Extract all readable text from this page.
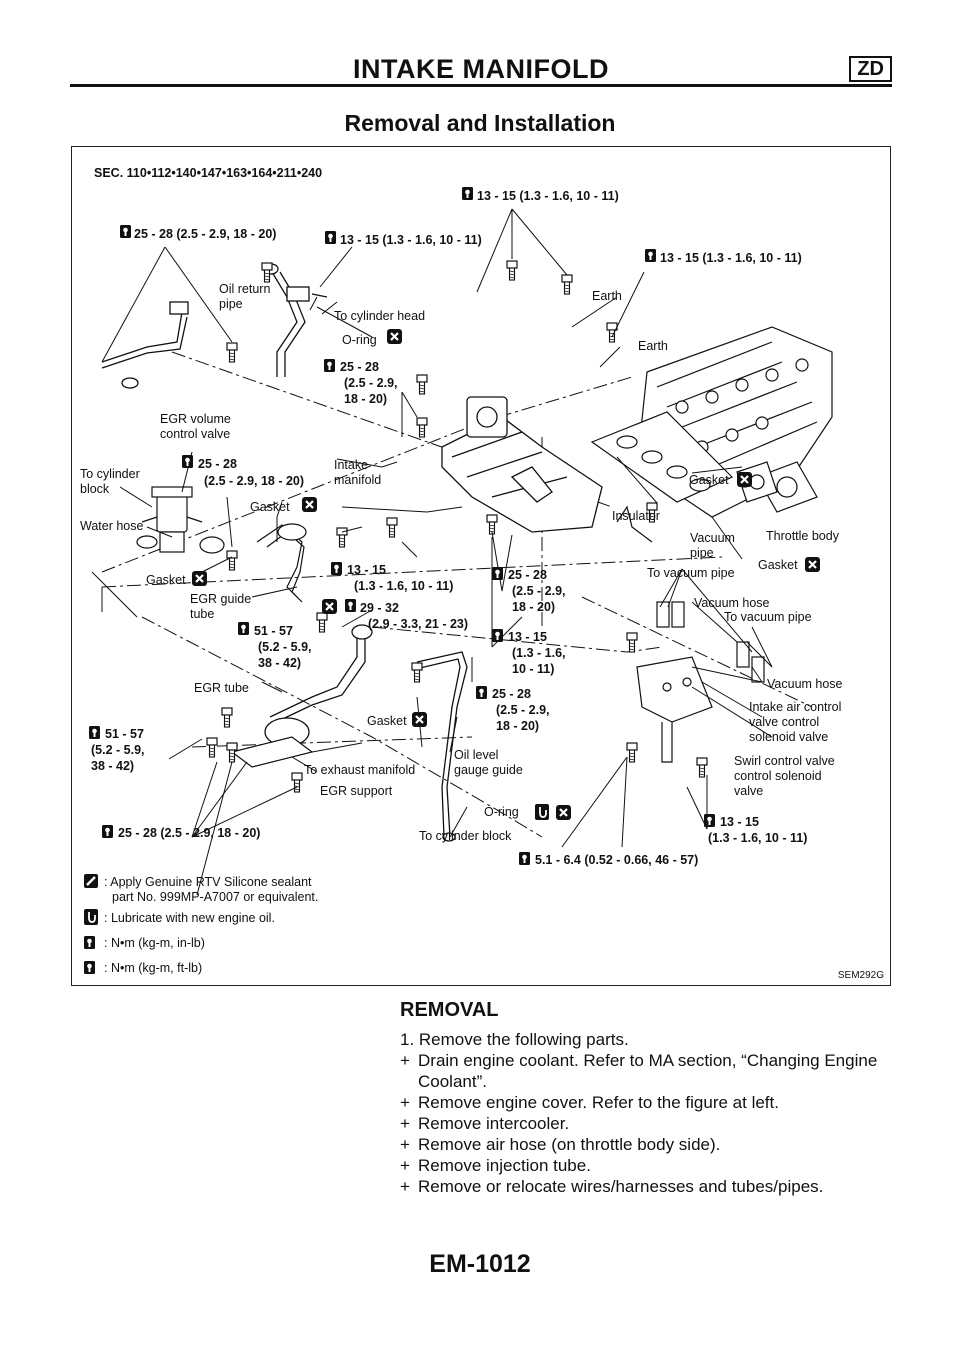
INTAKE MANIFOLD	ZD
Removal and Installation
SEC. 110•112•140•147•163•164•211•240
13 - 15 (1.3 - 1.6, 10 - 11)
25 - 28 (2.5 - 2.9, 18 - 20)	13 - 15 (1.3 - 1.6, 10 - 11)
13 - 15 (1.3 - 1.6, 10 - 11)
25 - 28
(2.5 - 2.9,
18 - 20)
25 - 28
(2.5 - 2.9, 18 - 20)
13 - 15
(1.3 - 1.6, 10 - 11)
25 - 28
(2.5 - 2.9,
18 - 20)
29 - 32
(2.9 - 3.3, 21 - 23)
51 - 57
(5.2 - 5.9,
38 - 42)
13 - 15
(1.3 - 1.6,
10 - 11)
25 - 28
(2.5 - 2.9,
18 - 20)
51 - 57
(5.2 - 5.9,
38 - 42)
25 - 28 (2.5 - 2.9, 18 - 20)
13 - 15
(1.3 - 1.6, 10 - 11)
5.1 - 6.4 (0.52 - 0.66, 46 - 57)
Oil return
pipe
To cylinder head
O-ring
Earth
Earth
EGR volume
control valve
To cylinder
block
Water hose
Intake
manifold
Gasket
Gasket
Throttle body
Insulator
Vacuum
pipe
Gasket
Gasket
EGR guide
tube
To vacuum pipe
Vacuum hose
To vacuum pipe
Vacuum hose
Intake air control
valve control
solenoid valve
Swirl control valve
control solenoid
valve
EGR tube
Gasket
Oil level
gauge guide
To exhaust manifold
EGR support
O-ring
To cylinder block
: Apply Genuine RTV Silicone sealant
part No. 999MP-A7007 or equivalent.
: Lubricate with new engine oil.
: N•m (kg-m, in-lb)
: N•m (kg-m, ft-lb)
SEM292G
REMOVAL

1. Remove the following parts.

+ Drain engine coolant. Refer to MA section, “Changing Engine Coolant”.
+ Remove engine cover. Refer to the figure at left.
+ Remove intercooler.
+ Remove air hose (on throttle body side).
+ Remove injection tube.
+ Remove or relocate wires/harnesses and tubes/pipes.
EM-1012
